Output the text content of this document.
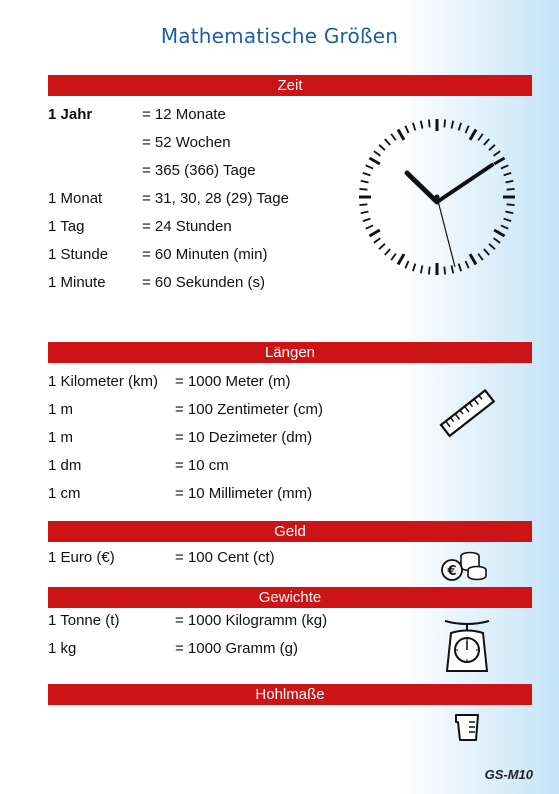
Mathematische Größen
Zeit
1 Jahr	= 12 Monate
= 52 Wochen
= 365 (366) Tage
1 Monat	= 31, 30, 28 (29) Tage
1 Tag	= 24 Stunden
1 Stunde = 60 Minuten (min)
1 Minute = 60 Sekunden (s)
Längen
1 Kilometer (km) = 1000 Meter (m)
1 m	= 100 Zentimeter (cm)
1 m	= 10 Dezimeter (dm)
1 dm	= 10 cm
1 cm	= 10 Millimeter (mm)
Geld
1 Euro (€)	= 100 Cent (ct)
€
Gewichte
1 Tonne (t)	= 1000 Kilogramm (kg)
1 kg	= 1000 Gramm (g)
Hohlmaße
GS-M10
